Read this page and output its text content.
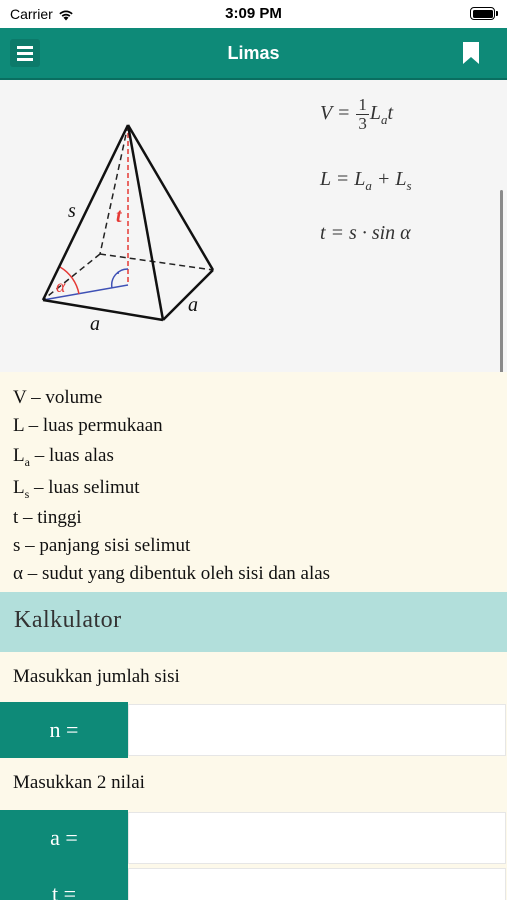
Carrier	3:09 PM
Limas
s t
α
·
a
a
$V = \frac{1}{3} L_at$
$L = L_a + L_s$
t = s · sin α
V – volume
L – luas permukaan
$L_a$ – luas alas
$L_s$ – luas selimut
t – tinggi
s – panjang sisi selimut
α – sudut yang dibentuk oleh sisi dan alas
Kalkulator
Masukkan jumlah sisi
n =
Masukkan 2 nilai
a =
t =
